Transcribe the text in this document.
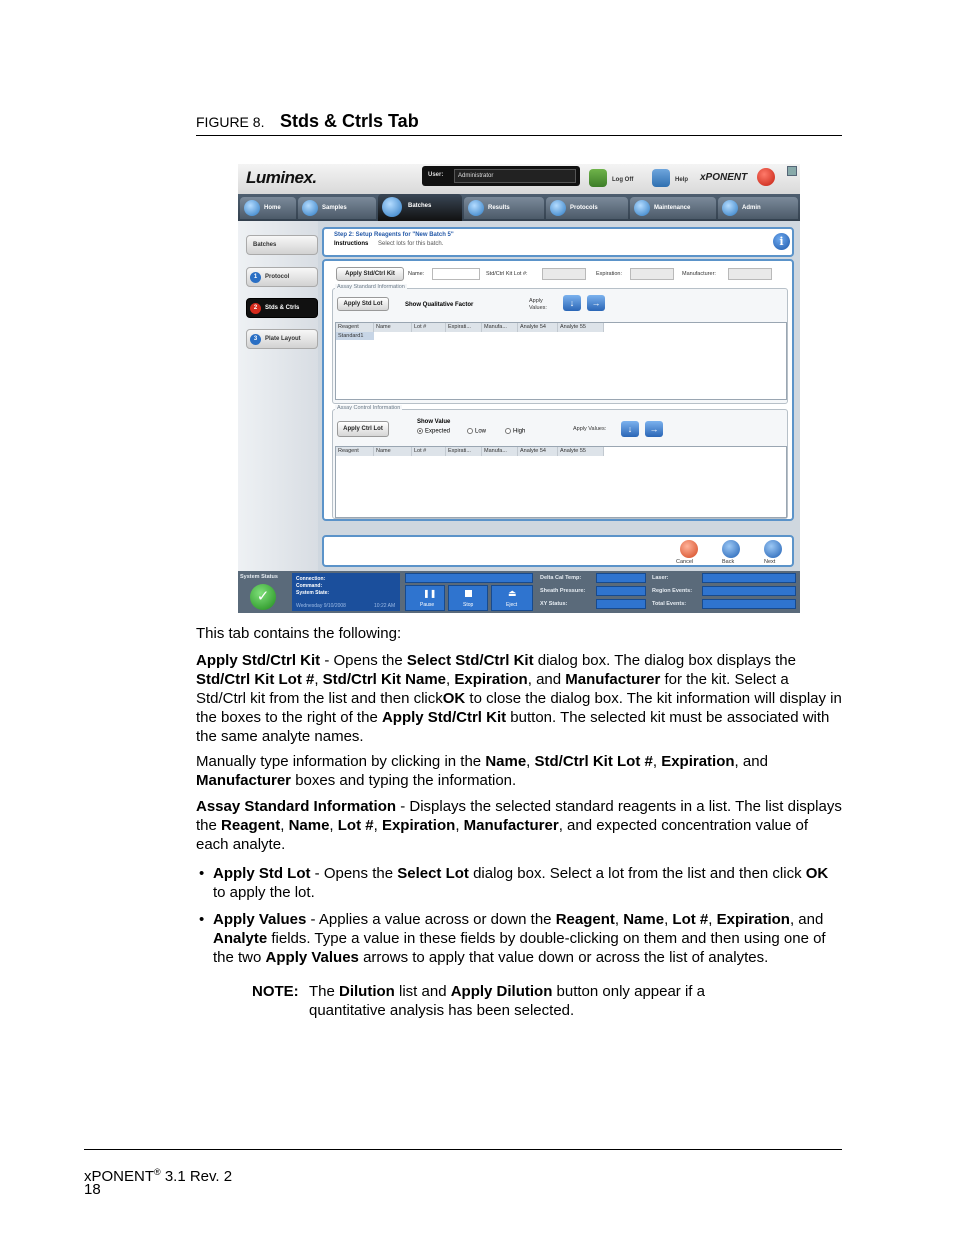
FIGURE 8. Stds & Ctrls Tab
Luminex.	User:	Administrator
Log Off	Help xPONENT
Home	Samples	Batches	Results	Protocols	Maintenance	Admin
Batches
1	Protocol
2	Stds & Ctrls
3	Plate Layout
Step 2: Setup Reagents for "New Batch 5"
Instructions Select lots for this batch.	i
Apply Std/Ctrl Kit	Name:	Std/Ctrl Kit Lot #:	Expiration:	Manufacturer:
Assay Standard Information
Apply Std Lot	Show Qualitative Factor
Apply
Values:	↓	→
Reagent	Name	Lot #	Expirati...	Manufa...	Analyte 54	Analyte 55
Standard1
Assay Control Information
Apply Ctrl Lot
Show Value
Expected	Low	High	Apply Values:	↓	→
Reagent	Name	Lot #	Expirati...	Manufa...	Analyte 54	Analyte 55
Cancel	Back	Next
System Status
✓
Connection:
Command:
System State:
Wednesday 9/10/2008	10:22 AM	Pause
❚❚
Stop	Eject
⏏
Delta Cal Temp:
Sheath Pressure:
XY Status:
Laser:
Region Events:
Total Events:
This tab contains the following:
Apply Std/Ctrl Kit - Opens the Select Std/Ctrl Kit dialog box. The dialog box displays the Std/Ctrl Kit Lot #, Std/Ctrl Kit Name, Expiration, and Manufacturer for the kit. Select a Std/Ctrl kit from the list and then clickOK to close the dialog box. The kit information will display in the boxes to the right of the Apply Std/Ctrl Kit button. The selected kit must be associated with the same analyte names.
Manually type information by clicking in the Name, Std/Ctrl Kit Lot #, Expiration, and Manufacturer boxes and typing the information.
Assay Standard Information - Displays the selected standard reagents in a list. The list displays the Reagent, Name, Lot #, Expiration, Manufacturer, and expected concentration value of each analyte.
• Apply Std Lot - Opens the Select Lot dialog box. Select a lot from the list and then click OK to apply the lot.
• Apply Values - Applies a value across or down the Reagent, Name, Lot #, Expiration, and Analyte fields. Type a value in these fields by double-clicking on them and then using one of the two Apply Values arrows to apply that value down or across the list of analytes.
NOTE: The Dilution list and Apply Dilution button only appear if a quantitative analysis has been selected.
xPONENT® 3.1 Rev. 2
18
